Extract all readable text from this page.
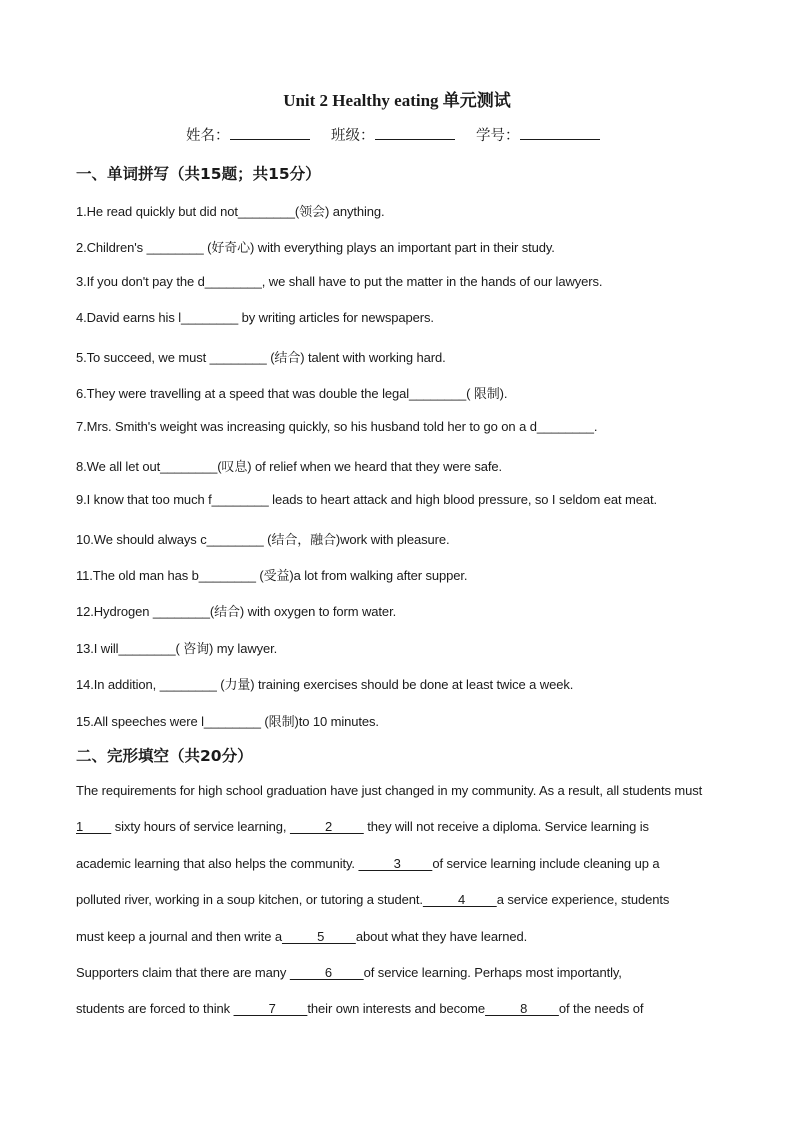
Unit 2 Healthy eating 单元测试
姓名：	班级：	学号：
一、单词拼写（共15题；共15分）
1.He read quickly but did not________(领会) anything.
2.Children's ________ (好奇心) with everything plays an important part in their study.
3.If you don't pay the d________, we shall have to put the matter in the hands of our lawyers.
4.David earns his l________ by writing articles for newspapers.
5.To succeed, we must ________ (结合) talent with working hard.
6.They were travelling at a speed that was double the legal________( 限制).
7.Mrs. Smith's weight was increasing quickly, so his husband told her to go on a d________.
8.We all let out________(叹息) of relief when we heard that they were safe.
9.I know that too much f________ leads to heart attack and high blood pressure, so I seldom eat meat.
10.We should always c________ (结合，融合)work with pleasure.
11.The old man has b________ (受益)a lot from walking after supper.
12.Hydrogen ________(结合) with oxygen to form water.
13.I will________( 咨询) my lawyer.
14.In addition, ________ (力量) training exercises should be done at least twice a week.
15.All speeches were l________ (限制)to 10 minutes.
二、完形填空（共20分）
The requirements for high school graduation have just changed in my community. As a result, all students must
1         sixty hours of service learning,           2          they will not receive a diploma. Service learning is
academic learning that also helps the community.           3         of service learning include cleaning up a
polluted river, working in a soup kitchen, or tutoring a student.          4         a service experience, students
must keep a journal and then write a          5         about what they have learned.
Supporters claim that there are many           6         of service learning. Perhaps most importantly,
students are forced to think           7         their own interests and become          8         of the needs of
